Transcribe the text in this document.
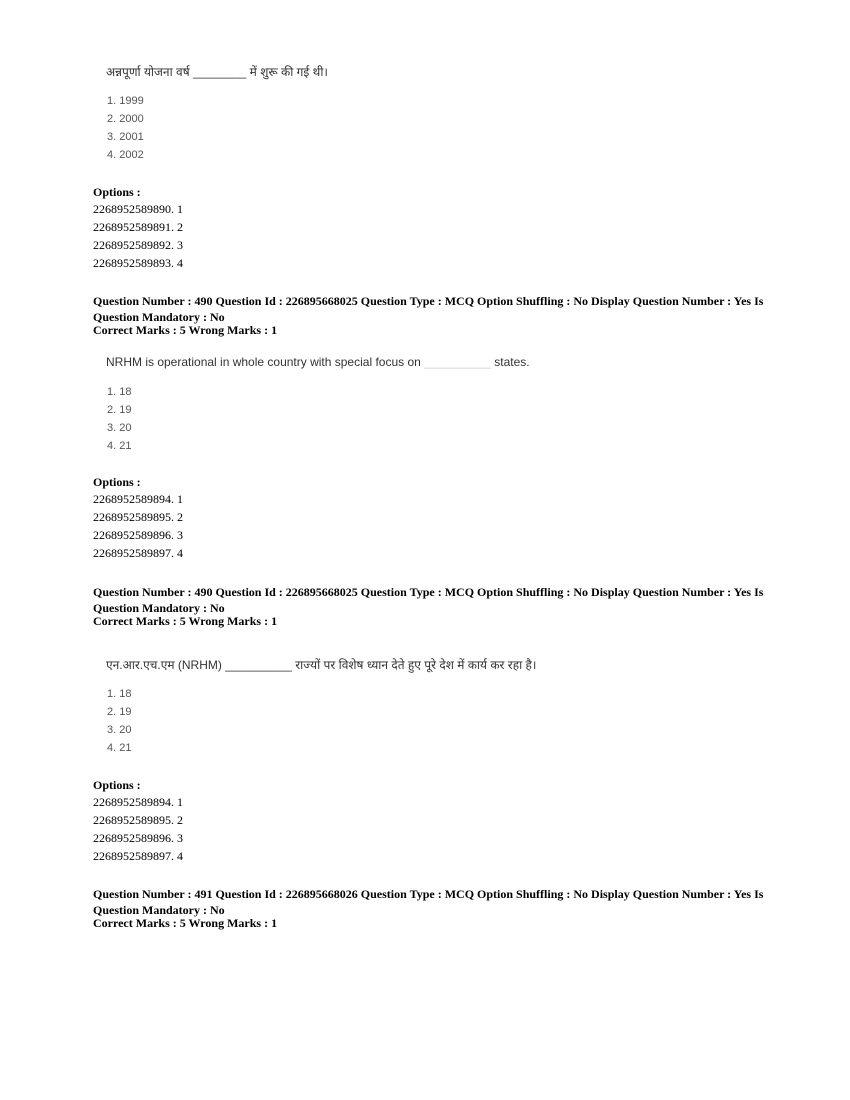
अन्नपूर्णा योजना वर्ष ________ में शुरू की गई थी।
1. 1999
2. 2000
3. 2001
4. 2002
Options :
2268952589890. 1
2268952589891. 2
2268952589892. 3
2268952589893. 4
Question Number : 490 Question Id : 226895668025 Question Type : MCQ Option Shuffling : No Display Question Number : Yes Is
Question Mandatory : No
Correct Marks : 5 Wrong Marks : 1
NRHM is operational in whole country with special focus on __________ states.
1. 18
2. 19
3. 20
4. 21
Options :
2268952589894. 1
2268952589895. 2
2268952589896. 3
2268952589897. 4
Question Number : 490 Question Id : 226895668025 Question Type : MCQ Option Shuffling : No Display Question Number : Yes Is
Question Mandatory : No
Correct Marks : 5 Wrong Marks : 1
एन.आर.एच.एम (NRHM) __________ राज्यों पर विशेष ध्यान देते हुए पूरे देश में कार्य कर रहा है।
1. 18
2. 19
3. 20
4. 21
Options :
2268952589894. 1
2268952589895. 2
2268952589896. 3
2268952589897. 4
Question Number : 491 Question Id : 226895668026 Question Type : MCQ Option Shuffling : No Display Question Number : Yes Is
Question Mandatory : No
Correct Marks : 5 Wrong Marks : 1
